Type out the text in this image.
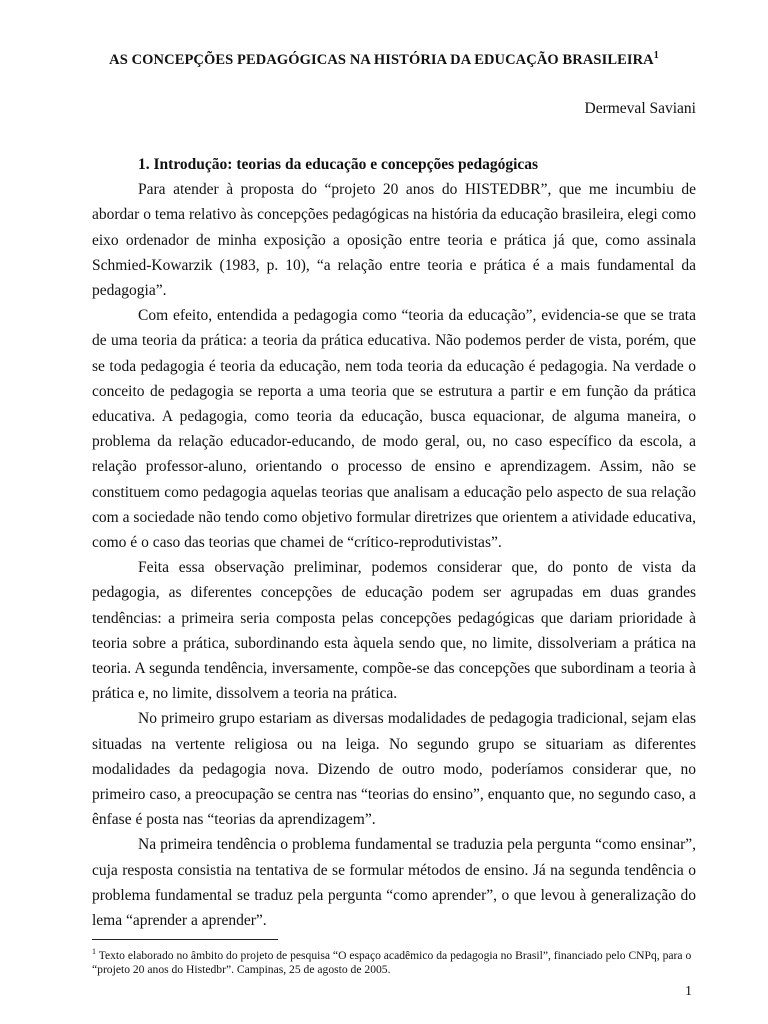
AS CONCEPÇÕES PEDAGÓGICAS NA HISTÓRIA DA EDUCAÇÃO BRASILEIRA$^1$
Dermeval Saviani
1. Introdução: teorias da educação e concepções pedagógicas

Para atender à proposta do “projeto 20 anos do HISTEDBR”, que me incumbiu de abordar o tema relativo às concepções pedagógicas na história da educação brasileira, elegi como eixo ordenador de minha exposição a oposição entre teoria e prática já que, como assinala Schmied-Kowarzik (1983, p. 10), “a relação entre teoria e prática é a mais fundamental da pedagogia”.

Com efeito, entendida a pedagogia como “teoria da educação”, evidencia-se que se trata de uma teoria da prática: a teoria da prática educativa. Não podemos perder de vista, porém, que se toda pedagogia é teoria da educação, nem toda teoria da educação é pedagogia. Na verdade o conceito de pedagogia se reporta a uma teoria que se estrutura a partir e em função da prática educativa. A pedagogia, como teoria da educação, busca equacionar, de alguma maneira, o problema da relação educador-educando, de modo geral, ou, no caso específico da escola, a relação professor-aluno, orientando o processo de ensino e aprendizagem. Assim, não se constituem como pedagogia aquelas teorias que analisam a educação pelo aspecto de sua relação com a sociedade não tendo como objetivo formular diretrizes que orientem a atividade educativa, como é o caso das teorias que chamei de “crítico-reprodutivistas”.

Feita essa observação preliminar, podemos considerar que, do ponto de vista da pedagogia, as diferentes concepções de educação podem ser agrupadas em duas grandes tendências: a primeira seria composta pelas concepções pedagógicas que dariam prioridade à teoria sobre a prática, subordinando esta àquela sendo que, no limite, dissolveriam a prática na teoria. A segunda tendência, inversamente, compõe-se das concepções que subordinam a teoria à prática e, no limite, dissolvem a teoria na prática.

No primeiro grupo estariam as diversas modalidades de pedagogia tradicional, sejam elas situadas na vertente religiosa ou na leiga. No segundo grupo se situariam as diferentes modalidades da pedagogia nova. Dizendo de outro modo, poderíamos considerar que, no primeiro caso, a preocupação se centra nas “teorias do ensino”, enquanto que, no segundo caso, a ênfase é posta nas “teorias da aprendizagem”.

Na primeira tendência o problema fundamental se traduzia pela pergunta “como ensinar”, cuja resposta consistia na tentativa de se formular métodos de ensino. Já na segunda tendência o problema fundamental se traduz pela pergunta “como aprender”, o que levou à generalização do lema “aprender a aprender”.

$^1$ Texto elaborado no âmbito do projeto de pesquisa “O espaço acadêmico da pedagogia no Brasil”, financiado pelo CNPq, para o “projeto 20 anos do Histedbr”. Campinas, 25 de agosto de 2005.
1
